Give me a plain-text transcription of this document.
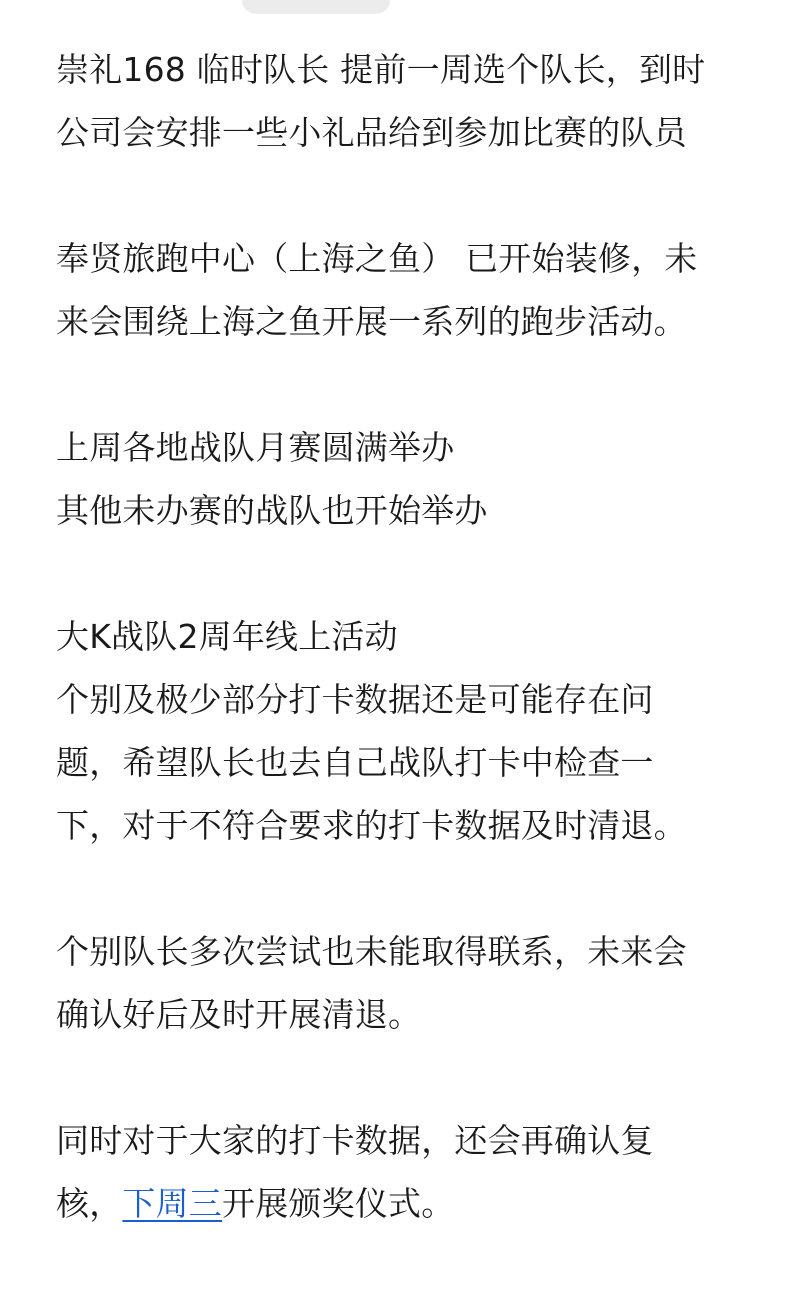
崇礼168 临时队长 提前一周选个队长，到时
公司会安排一些小礼品给到参加比赛的队员
奉贤旅跑中心（上海之鱼） 已开始装修，未
来会围绕上海之鱼开展一系列的跑步活动。
上周各地战队月赛圆满举办
其他未办赛的战队也开始举办
大K战队2周年线上活动
个别及极少部分打卡数据还是可能存在问
题，希望队长也去自己战队打卡中检查一
下，对于不符合要求的打卡数据及时清退。
个别队长多次尝试也未能取得联系，未来会
确认好后及时开展清退。
同时对于大家的打卡数据，还会再确认复
核，下周三开展颁奖仪式。
